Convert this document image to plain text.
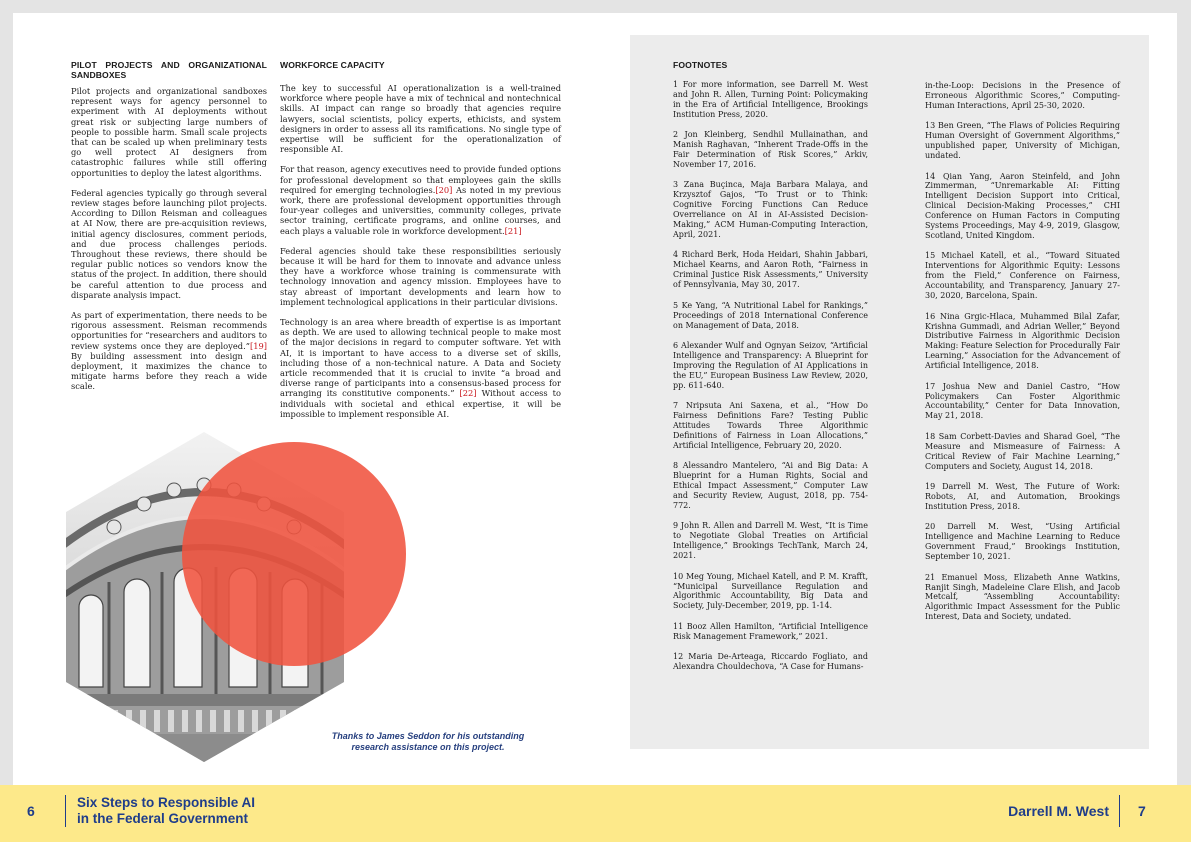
PILOT PROJECTS AND ORGANIZATIONAL SANDBOXES

Pilot projects and organizational sandboxes represent ways for agency personnel to experiment with AI deployments without great risk or subjecting large numbers of people to possible harm. Small scale projects that can be scaled up when preliminary tests go well protect AI designers from catastrophic failures while still offering opportunities to deploy the latest algorithms.

Federal agencies typically go through several review stages before launching pilot projects. According to Dillon Reisman and colleagues at AI Now, there are pre-acquisition reviews, initial agency disclosures, comment periods, and due process challenges periods. Throughout these reviews, there should be regular public notices so vendors know the status of the project. In addition, there should be careful attention to due process and disparate analysis impact.

As part of experimentation, there needs to be rigorous assessment. Reisman recommends opportunities for “researchers and auditors to review systems once they are deployed.”[19] By building assessment into design and deployment, it maximizes the chance to mitigate harms before they reach a wide scale.

WORKFORCE CAPACITY

The key to successful AI operationalization is a well-trained workforce where people have a mix of technical and nontechnical skills. AI impact can range so broadly that agencies require lawyers, social scientists, policy experts, ethicists, and system designers in order to assess all its ramifications. No single type of expertise will be sufficient for the operationalization of responsible AI.

For that reason, agency executives need to provide funded options for professional development so that employees gain the skills required for emerging technologies.[20] As noted in my previous work, there are professional development opportunities through four-year colleges and universities, community colleges, private sector training, certificate programs, and online courses, and each plays a valuable role in workforce development.[21]

Federal agencies should take these responsibilities seriously because it will be hard for them to innovate and advance unless they have a workforce whose training is commensurate with technology innovation and agency mission. Employees have to stay abreast of important developments and learn how to implement technological applications in their particular divisions.

Technology is an area where breadth of expertise is as important as depth. We are used to allowing technical people to make most of the major decisions in regard to computer software. Yet with AI, it is important to have access to a diverse set of skills, including those of a non-technical nature. A Data and Society article recommended that it is crucial to invite “a broad and diverse range of participants into a consensus-based process for arranging its constitutive components.” [22] Without access to individuals with societal and ethical expertise, it will be impossible to implement responsible AI.

Thanks to James Seddon for his outstanding
research assistance on this project.
FOOTNOTES

1 For more information, see Darrell M. West and John R. Allen, Turning Point: Policymaking in the Era of Artificial Intelligence, Brookings Institution Press, 2020.

2 Jon Kleinberg, Sendhil Mullainathan, and Manish Raghavan, “Inherent Trade-Offs in the Fair Determination of Risk Scores,” Arkiv, November 17, 2016.

3 Zana Buçinca, Maja Barbara Malaya, and Krzysztof Gajos, “To Trust or to Think: Cognitive Forcing Functions Can Reduce Overreliance on AI in AI-Assisted Decision-Making,” ACM Human-Computing Interaction, April, 2021.

4 Richard Berk, Hoda Heidari, Shahin Jabbari, Michael Kearns, and Aaron Roth, “Fairness in Criminal Justice Risk Assessments,” University of Pennsylvania, May 30, 2017.

5 Ke Yang, “A Nutritional Label for Rankings,” Proceedings of 2018 International Conference on Management of Data, 2018.

6 Alexander Wulf and Ognyan Seizov, “Artificial Intelligence and Transparency: A Blueprint for Improving the Regulation of AI Applications in the EU,” European Business Law Review, 2020, pp. 611-640.

7 Nripsuta Ani Saxena, et al., “How Do Fairness Definitions Fare? Testing Public Attitudes Towards Three Algorithmic Definitions of Fairness in Loan Allocations,” Artificial Intelligence, February 20, 2020.

8 Alessandro Mantelero, “Ai and Big Data: A Blueprint for a Human Rights, Social and Ethical Impact Assessment,” Computer Law and Security Review, August, 2018, pp. 754-772.

9 John R. Allen and Darrell M. West, “It is Time to Negotiate Global Treaties on Artificial Intelligence,” Brookings TechTank, March 24, 2021.

10 Meg Young, Michael Katell, and P. M. Krafft, “Municipal Surveillance Regulation and Algorithmic Accountability, Big Data and Society, July-December, 2019, pp. 1-14.

11 Booz Allen Hamilton, “Artificial Intelligence Risk Management Framework,” 2021.

12 Maria De-Arteaga, Riccardo Fogliato, and Alexandra Chouldechova, “A Case for Humans-

in-the-Loop: Decisions in the Presence of Erroneous Algorithmic Scores,” Computing-Human Interactions, April 25-30, 2020.

13 Ben Green, “The Flaws of Policies Requiring Human Oversight of Government Algorithms,” unpublished paper, University of Michigan, undated.

14 Qian Yang, Aaron Steinfeld, and John Zimmerman, “Unremarkable AI: Fitting Intelligent Decision Support into Critical, Clinical Decision-Making Processes,” CHI Conference on Human Factors in Computing Systems Proceedings, May 4-9, 2019, Glasgow, Scotland, United Kingdom.

15 Michael Katell, et al., “Toward Situated Interventions for Algorithmic Equity: Lessons from the Field,” Conference on Fairness, Accountability, and Transparency, January 27-30, 2020, Barcelona, Spain.

16 Nina Grgic-Hlaca, Muhammed Bilal Zafar, Krishna Gummadi, and Adrian Weller,” Beyond Distributive Fairness in Algorithmic Decision Making: Feature Selection for Procedurally Fair Learning,” Association for the Advancement of Artificial Intelligence, 2018.

17 Joshua New and Daniel Castro, “How Policymakers Can Foster Algorithmic Accountability,” Center for Data Innovation, May 21, 2018.

18 Sam Corbett-Davies and Sharad Goel, “The Measure and Mismeasure of Fairness: A Critical Review of Fair Machine Learning,” Computers and Society, August 14, 2018.

19 Darrell M. West, The Future of Work: Robots, AI, and Automation, Brookings Institution Press, 2018.

20 Darrell M. West, “Using Artificial Intelligence and Machine Learning to Reduce Government Fraud,” Brookings Institution, September 10, 2021.

21 Emanuel Moss, Elizabeth Anne Watkins, Ranjit Singh, Madeleine Clare Elish, and Jacob Metcalf, “Assembling Accountability: Algorithmic Impact Assessment for the Public Interest, Data and Society, undated.

6
Six Steps to Responsible AI
in the Federal Government	Darrell M. West 7
